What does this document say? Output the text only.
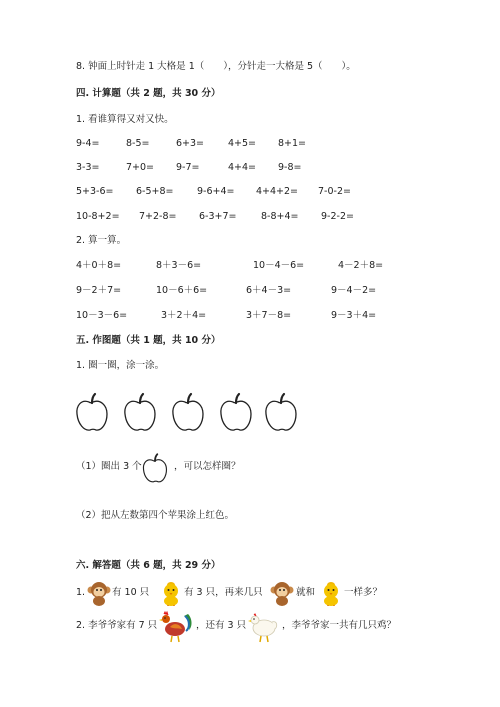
8. 钟面上时针走 1 大格是 1（　　），分针走一大格是 5（　　）。
四. 计算题（共 2 题，共 30 分）
1. 看谁算得又对又快。
9-4=	8-5=	6+3=	4+5= 8+1=
3-3=	7+0= 9-7=	4+4= 9-8=
5+3-6= 6-5+8= 9-6+4= 4+4+2= 7-0-2=
10-8+2= 7+2-8= 6-3+7=	8-8+4= 9-2-2=
2. 算一算。
4＋0＋8=	8＋3－6=	10－4－6=	4－2＋8=
9－2＋7=	10－6＋6=	6＋4－3=	9－4－2=
10－3－6=	3＋2＋4=	3＋7－8=	9－3＋4=
五. 作图题（共 1 题，共 10 分）
1. 圈一圈，涂一涂。
（1）圈出 3 个	，可以怎样圈？
（2）把从左数第四个苹果涂上红色。
六. 解答题（共 6 题，共 29 分）
1.	有 10 只	有 3 只，再来几只	就和	一样多？
2. 李爷爷家有 7 只	，还有 3 只	，李爷爷家一共有几只鸡？
